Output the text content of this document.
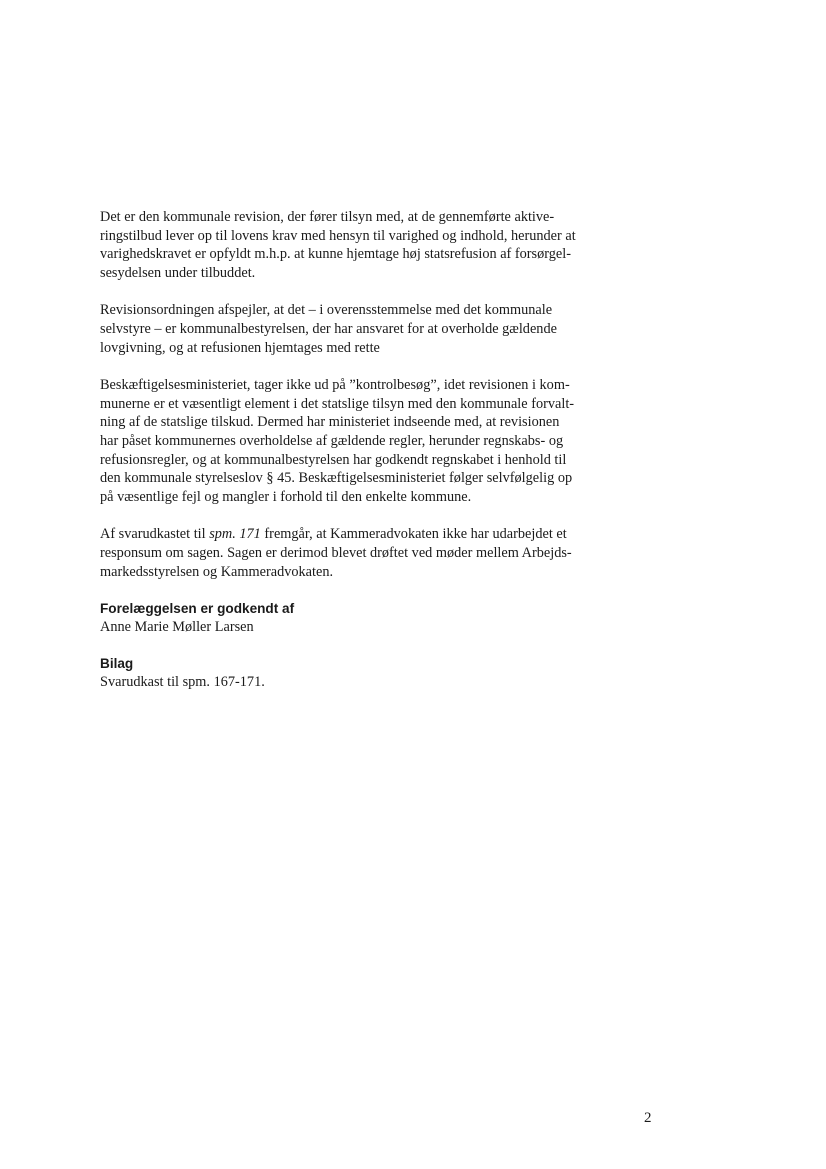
Det er den kommunale revision, der fører tilsyn med, at de gennemførte aktive-
ringstilbud lever op til lovens krav med hensyn til varighed og indhold, herunder at
varighedskravet er opfyldt m.h.p. at kunne hjemtage høj statsrefusion af forsørgel-
sesydelsen under tilbuddet.

Revisionsordningen afspejler, at det – i overensstemmelse med det kommunale
selvstyre – er kommunalbestyrelsen, der har ansvaret for at overholde gældende
lovgivning, og at refusionen hjemtages med rette

Beskæftigelsesministeriet, tager ikke ud på ”kontrolbesøg”, idet revisionen i kom-
munerne er et væsentligt element i det statslige tilsyn med den kommunale forvalt-
ning af de statslige tilskud. Dermed har ministeriet indseende med, at revisionen
har påset kommunernes overholdelse af gældende regler, herunder regnskabs- og
refusionsregler, og at kommunalbestyrelsen har godkendt regnskabet i henhold til
den kommunale styrelseslov § 45. Beskæftigelsesministeriet følger selvfølgelig op
på væsentlige fejl og mangler i forhold til den enkelte kommune.

Af svarudkastet til spm. 171 fremgår, at Kammeradvokaten ikke har udarbejdet et
responsum om sagen. Sagen er derimod blevet drøftet ved møder mellem Arbejds-
markedsstyrelsen og Kammeradvokaten.

Forelæggelsen er godkendt af
Anne Marie Møller Larsen
Bilag
Svarudkast til spm. 167-171.
2
